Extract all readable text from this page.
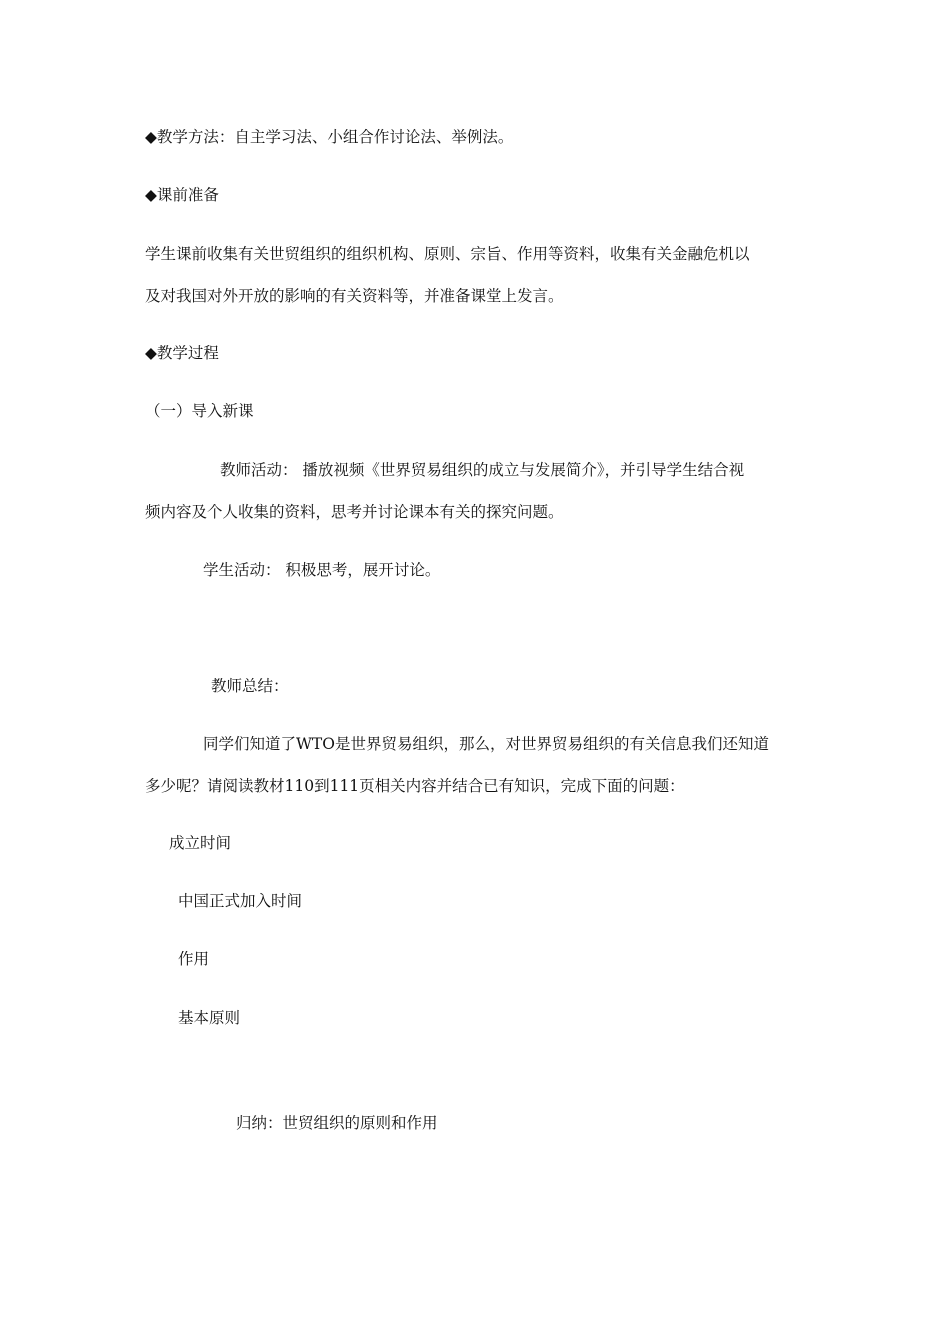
◆教学方法：自主学习法、小组合作讨论法、举例法。
◆课前准备
学生课前收集有关世贸组织的组织机构、原则、宗旨、作用等资料，收集有关金融危机以
及对我国对外开放的影响的有关资料等，并准备课堂上发言。
◆教学过程
（一）导入新课
教师活动： 播放视频《世界贸易组织的成立与发展简介》，并引导学生结合视
频内容及个人收集的资料，思考并讨论课本有关的探究问题。
学生活动： 积极思考，展开讨论。
教师总结：
同学们知道了WTO是世界贸易组织，那么，对世界贸易组织的有关信息我们还知道
多少呢？请阅读教材110到111页相关内容并结合已有知识，完成下面的问题：
成立时间
中国正式加入时间
作用
基本原则
归纳：世贸组织的原则和作用
